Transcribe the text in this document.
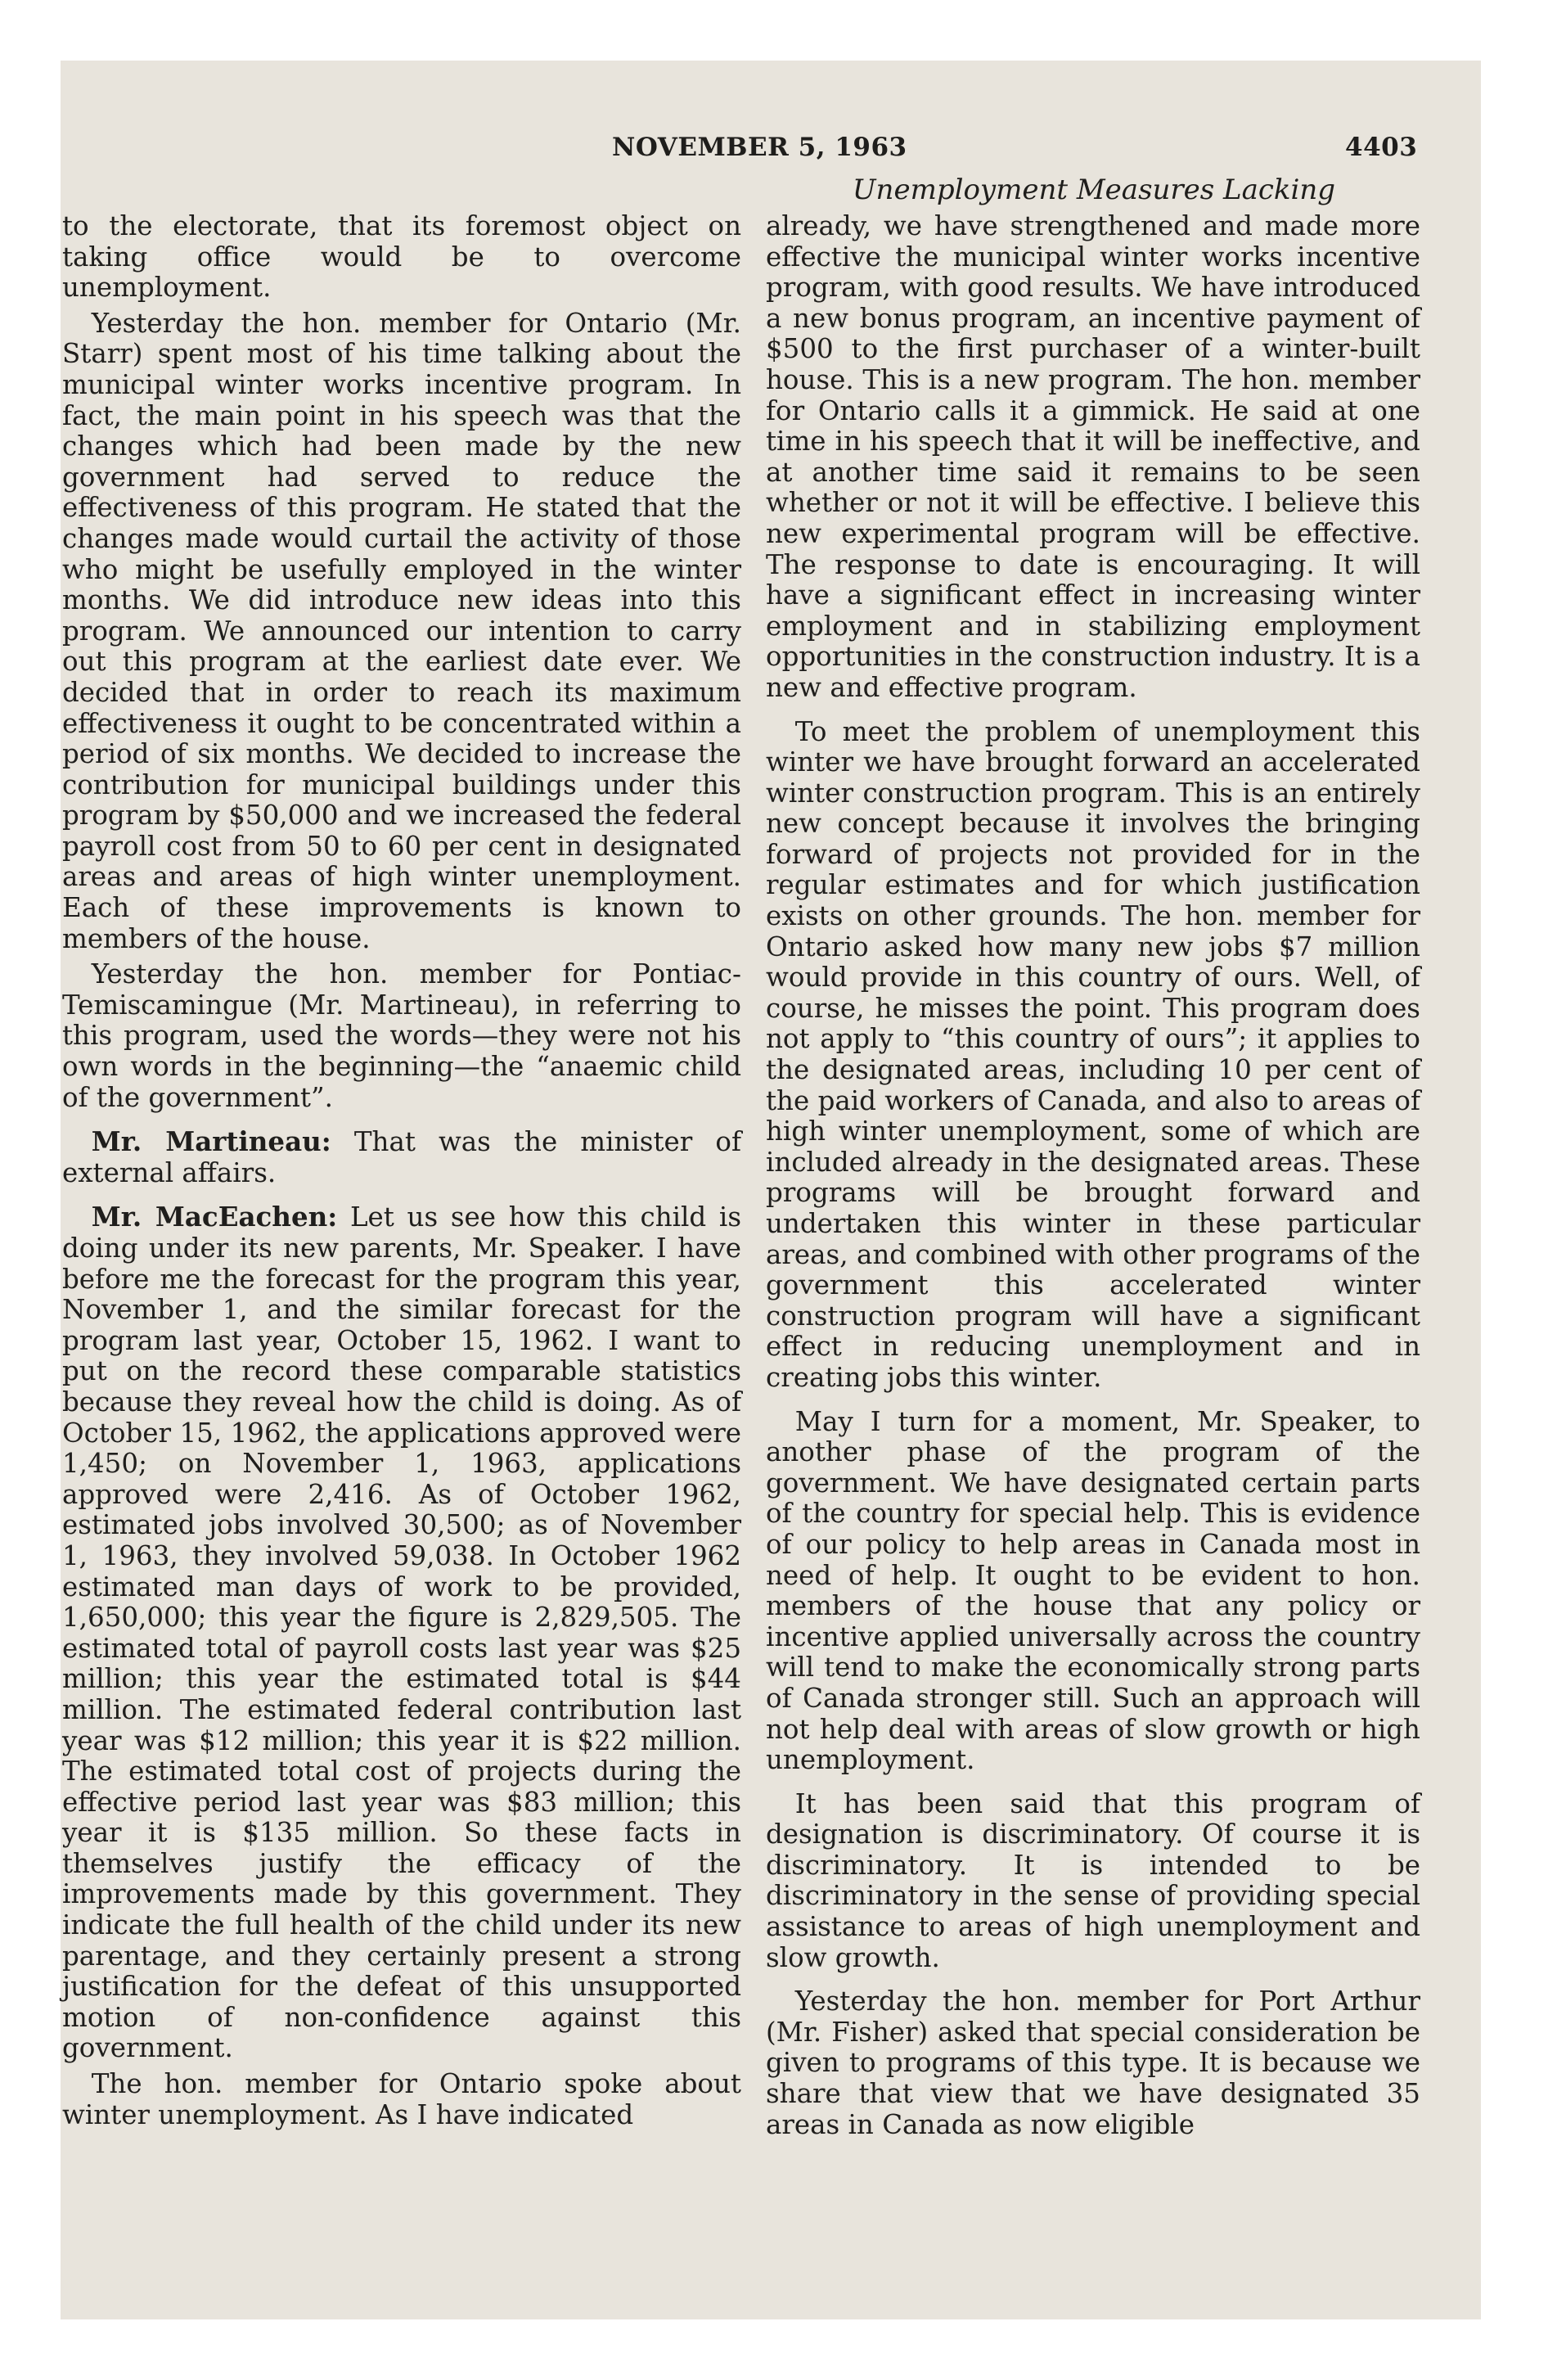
NOVEMBER 5, 1963	4403
Unemployment Measures Lacking

to the electorate, that its foremost object on taking office would be to overcome unemployment.

Yesterday the hon. member for Ontario (Mr. Starr) spent most of his time talking about the municipal winter works incentive program. In fact, the main point in his speech was that the changes which had been made by the new government had served to reduce the effectiveness of this program. He stated that the changes made would curtail the activity of those who might be usefully employed in the winter months. We did introduce new ideas into this program. We announced our intention to carry out this program at the earliest date ever. We decided that in order to reach its maximum effectiveness it ought to be concentrated within a period of six months. We decided to increase the contribution for municipal buildings under this program by $50,000 and we increased the federal payroll cost from 50 to 60 per cent in designated areas and areas of high winter unemployment. Each of these improvements is known to members of the house.

Yesterday the hon. member for Pontiac-Temiscamingue (Mr. Martineau), in referring to this program, used the words—they were not his own words in the beginning—the “anaemic child of the government”.

Mr. Martineau: That was the minister of external affairs.

Mr. MacEachen: Let us see how this child is doing under its new parents, Mr. Speaker. I have before me the forecast for the program this year, November 1, and the similar forecast for the program last year, October 15, 1962. I want to put on the record these comparable statistics because they reveal how the child is doing. As of October 15, 1962, the applications approved were 1,450; on November 1, 1963, applications approved were 2,416. As of October 1962, estimated jobs involved 30,500; as of November 1, 1963, they involved 59,038. In October 1962 estimated man days of work to be provided, 1,650,000; this year the figure is 2,829,505. The estimated total of payroll costs last year was $25 million; this year the estimated total is $44 million. The estimated federal contribution last year was $12 million; this year it is $22 million. The estimated total cost of projects during the effective period last year was $83 million; this year it is $135 million. So these facts in themselves justify the efficacy of the improvements made by this government. They indicate the full health of the child under its new parentage, and they certainly present a strong justification for the defeat of this unsupported motion of non-confidence against this government.

The hon. member for Ontario spoke about winter unemployment. As I have indicated

already, we have strengthened and made more effective the municipal winter works incentive program, with good results. We have introduced a new bonus program, an incentive payment of $500 to the first purchaser of a winter-built house. This is a new program. The hon. member for Ontario calls it a gimmick. He said at one time in his speech that it will be ineffective, and at another time said it remains to be seen whether or not it will be effective. I believe this new experimental program will be effective. The response to date is encouraging. It will have a significant effect in increasing winter employment and in stabilizing employment opportunities in the construction industry. It is a new and effective program.

To meet the problem of unemployment this winter we have brought forward an accelerated winter construction program. This is an entirely new concept because it involves the bringing forward of projects not provided for in the regular estimates and for which justification exists on other grounds. The hon. member for Ontario asked how many new jobs $7 million would provide in this country of ours. Well, of course, he misses the point. This program does not apply to “this country of ours”; it applies to the designated areas, including 10 per cent of the paid workers of Canada, and also to areas of high winter unemployment, some of which are included already in the designated areas. These programs will be brought forward and undertaken this winter in these particular areas, and combined with other programs of the government this accelerated winter construction program will have a significant effect in reducing unemployment and in creating jobs this winter.

May I turn for a moment, Mr. Speaker, to another phase of the program of the government. We have designated certain parts of the country for special help. This is evidence of our policy to help areas in Canada most in need of help. It ought to be evident to hon. members of the house that any policy or incentive applied universally across the country will tend to make the economically strong parts of Canada stronger still. Such an approach will not help deal with areas of slow growth or high unemployment.

It has been said that this program of designation is discriminatory. Of course it is discriminatory. It is intended to be discriminatory in the sense of providing special assistance to areas of high unemployment and slow growth.

Yesterday the hon. member for Port Arthur (Mr. Fisher) asked that special consideration be given to programs of this type. It is because we share that view that we have designated 35 areas in Canada as now eligible
